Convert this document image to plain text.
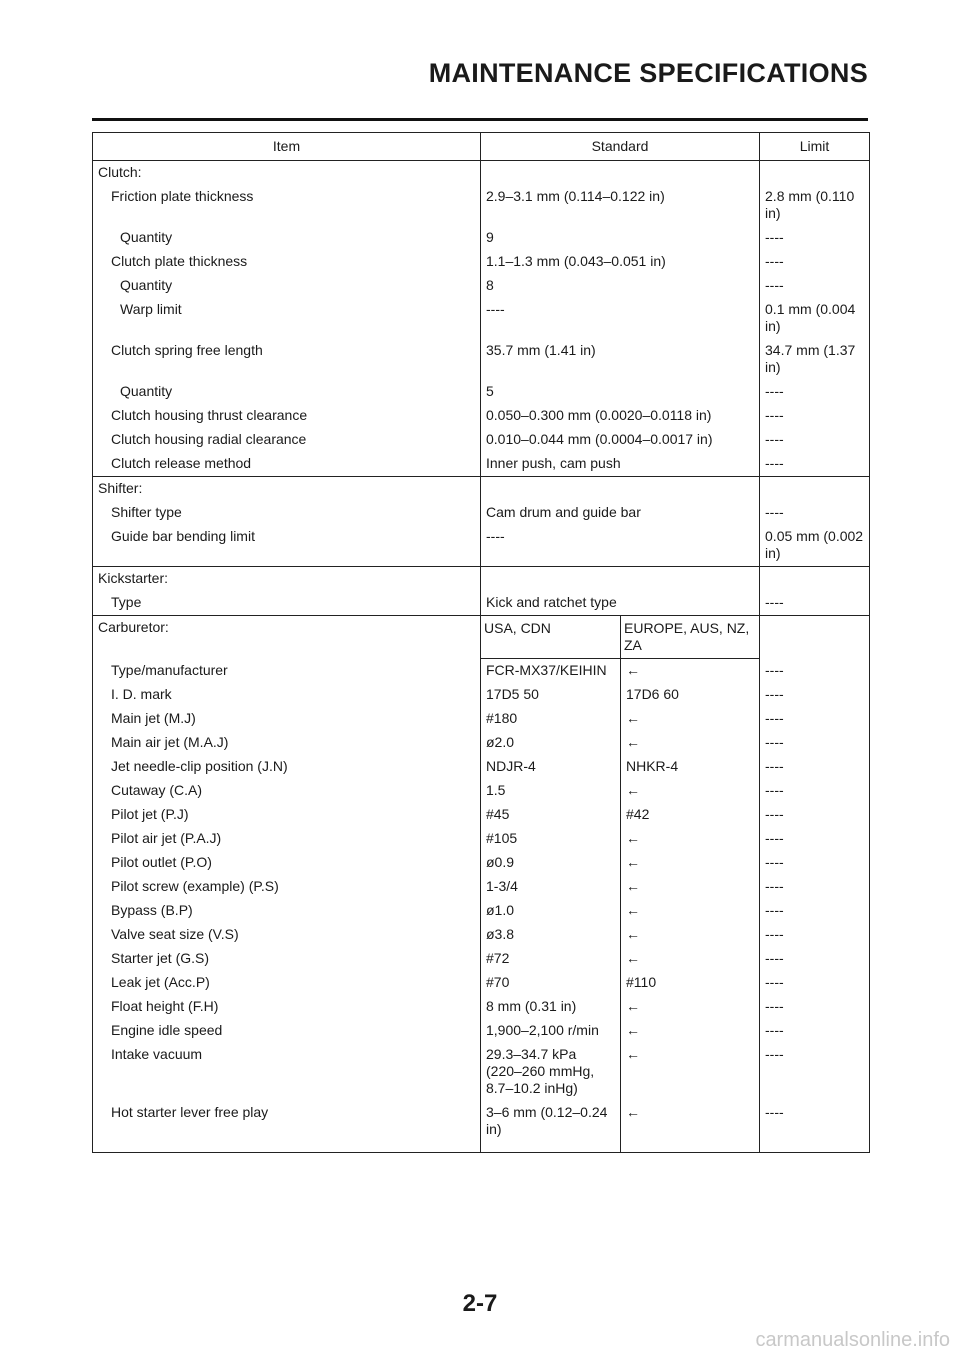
MAINTENANCE SPECIFICATIONS
Item	Standard		Limit
Clutch:			
Friction plate thickness	2.9–3.1 mm (0.114–0.122 in)		2.8 mm (0.110 in)
Quantity	9		----
Clutch plate thickness	1.1–1.3 mm (0.043–0.051 in)		----
Quantity	8		----
Warp limit	----		0.1 mm (0.004 in)
Clutch spring free length	35.7 mm (1.41 in)		34.7 mm (1.37 in)
Quantity	5		----
Clutch housing thrust clearance	0.050–0.300 mm (0.0020–0.0118 in)		----
Clutch housing radial clearance	0.010–0.044 mm (0.0004–0.0017 in)		----
Clutch release method	Inner push, cam push		----
Shifter:			
Shifter type	Cam drum and guide bar		----
Guide bar bending limit	----		0.05 mm (0.002 in)
Kickstarter:			
Type	Kick and ratchet type		----
Carburetor:	USA, CDN	EUROPE, AUS, NZ, ZA	
Type/manufacturer	FCR-MX37/KEIHIN	←	----
I. D. mark	17D5 50	17D6 60	----
Main jet (M.J)	#180	←	----
Main air jet (M.A.J)	ø2.0	←	----
Jet needle-clip position (J.N)	NDJR-4	NHKR-4	----
Cutaway (C.A)	1.5	←	----
Pilot jet (P.J)	#45	#42	----
Pilot air jet (P.A.J)	#105	←	----
Pilot outlet (P.O)	ø0.9	←	----
Pilot screw (example) (P.S)	1-3/4	←	----
Bypass (B.P)	ø1.0	←	----
Valve seat size (V.S)	ø3.8	←	----
Starter jet (G.S)	#72	←	----
Leak jet (Acc.P)	#70	#110	----
Float height (F.H)	8 mm (0.31 in)	←	----
Engine idle speed	1,900–2,100 r/min	←	----
Intake vacuum	29.3–34.7 kPa (220–260 mmHg, 8.7–10.2 inHg)	←	----
Hot starter lever free play	3–6 mm (0.12–0.24 in)	←	----
2-7
carmanualsonline.info
